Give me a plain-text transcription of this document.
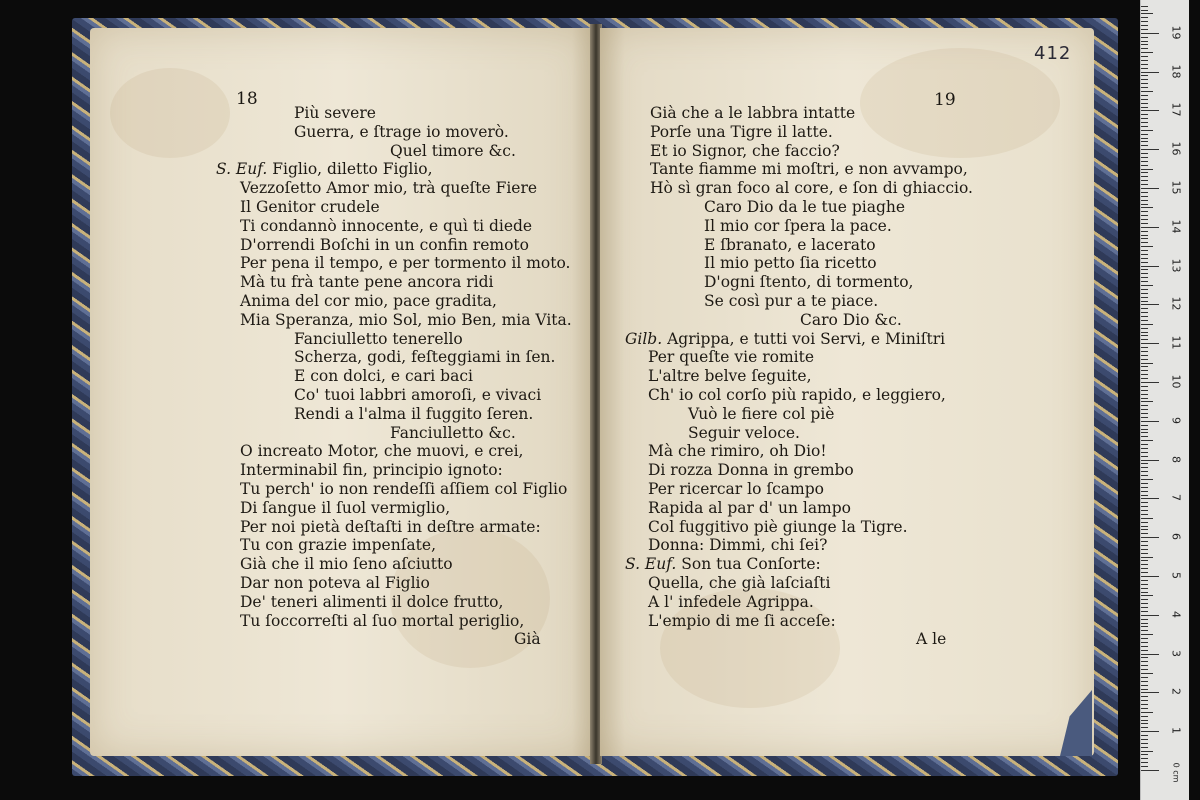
18
Più severe
Guerra, e ſtrage io moverò.
Quel timore &c.
S. Euf. Figlio, diletto Figlio,
Vezzoſetto Amor mio, trà queſte Fiere
Il Genitor crudele
Ti condannò innocente, e quì ti diede
D'orrendi Boſchi in un confin remoto
Per pena il tempo, e per tormento il moto.
Mà tu frà tante pene ancora ridi
Anima del cor mio, pace gradita,
Mia Speranza, mio Sol, mio Ben, mia Vita.
Fanciulletto tenerello
Scherza, godi, feſteggiami in ſen.
E con dolci, e cari baci
Co' tuoi labbri amoroſi, e vivaci
Rendi a l'alma il fuggito ſeren.
Fanciulletto &c.
O increato Motor, che muovi, e crei,
Interminabil fin, principio ignoto:
Tu perch' io non rendeſſi aſſiem col Figlio
Di ſangue il ſuol vermiglio,
Per noi pietà deſtaſti in deſtre armate:
Tu con grazie impenſate,
Già che il mio ſeno aſciutto
Dar non poteva al Figlio
De' teneri alimenti il dolce frutto,
Tu ſoccorreſti al ſuo mortal periglio,
Già
412
19
Già che a le labbra intatte
Porſe una Tigre il latte.
Et io Signor, che faccio?
Tante fiamme mi moſtri, e non avvampo,
Hò sì gran foco al core, e ſon di ghiaccio.
Caro Dio da le tue piaghe
Il mio cor ſpera la pace.
E ſbranato, e lacerato
Il mio petto ſia ricetto
D'ogni ſtento, di tormento,
Se così pur a te piace.
Caro Dio &c.
Gilb. Agrippa, e tutti voi Servi, e Miniſtri
Per queſte vie romite
L'altre belve ſeguite,
Ch' io col corſo più rapido, e leggiero,
Vuò le fiere col piè
Seguir veloce.
Mà che rimiro, oh Dio!
Di rozza Donna in grembo
Per ricercar lo ſcampo
Rapida al par d' un lampo
Col fuggitivo piè giunge la Tigre.
Donna: Dimmi, chi ſei?
S. Euf. Son tua Conſorte:
Quella, che già laſciaſti
A l' infedele Agrippa.
L'empio di me ſi acceſe:
A le
0 cm
19
18
17
16
15
14
13
12
11
10
9
8
7
6
5
4
3
2
1
